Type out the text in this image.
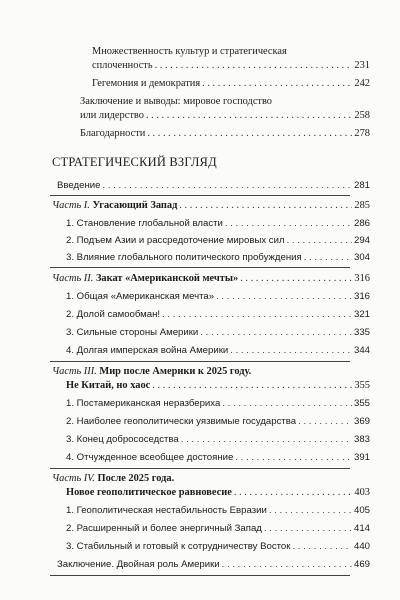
Множественность культур и стратегическая
сплоченность . . .	231
Гегемония и демократия . . .	242
Заключение и выводы: мировое господство
или лидерство . . .	258
Благодарности . . .	278
СТРАТЕГИЧЕСКИЙ ВЗГЛЯД
Введение . . .	281
Часть I.
Угасающий Запад . . .	285
1. Становление глобальной власти . . .	286
2. Подъем Азии и рассредоточение мировых сил . . .	294
3. Влияние глобального политического пробуждения . . .	304
Часть II.
Закат «Американской мечты» . . .	316
1. Общая «Американская мечта» . . .	316
2. Долой самообман! . . .	321
3. Сильные стороны Америки . . .	335
4. Долгая имперская война Америки . . .	344
Часть III. Мир после Америки к 2025 году.
Не Китай, но хаос . . .	355
1. Постамериканская неразбериха . . .	355
2. Наиболее геополитически уязвимые государства . . .	369
3. Конец добрососедства . . .	383
4. Отчужденное всеобщее достояние . . .	391
Часть IV. После 2025 года.
Новое геополитическое равновесие . . .	403
1. Геополитическая нестабильность Евразии . . .	405
2. Расширенный и более энергичный Запад . . .	414
3. Стабильный и готовый к сотрудничеству Восток . . .	440
Заключение. Двойная роль Америки . . .	469
